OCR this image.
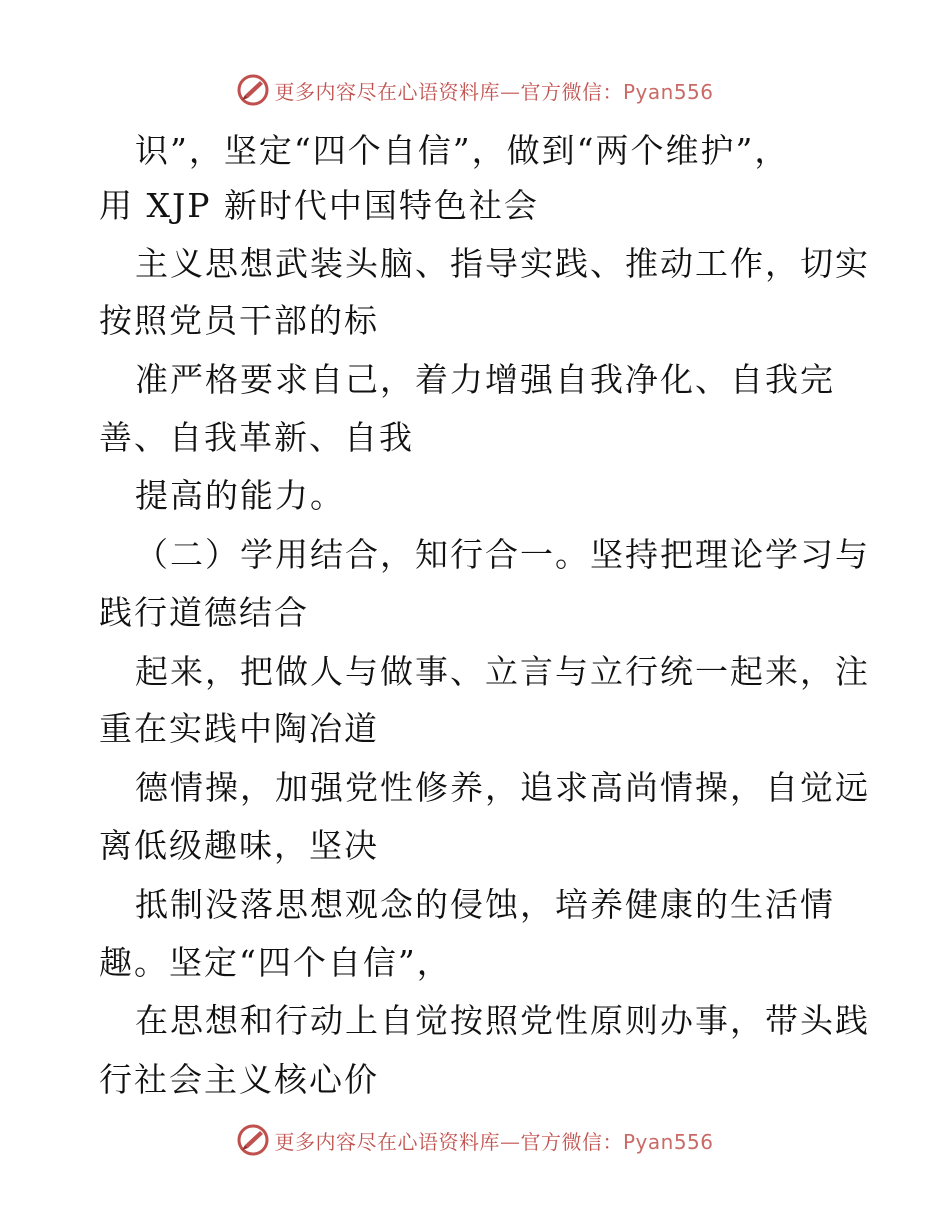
更多内容尽在心语资料库—官方微信：Pyan556
识”，坚定“四个自信”，做到“两个维护”，
用 XJP 新时代中国特色社会
主义思想武装头脑、指导实践、推动工作，切实
按照党员干部的标
准严格要求自己，着力增强自我净化、自我完
善、自我革新、自我
提高的能力。
（二）学用结合，知行合一。坚持把理论学习与
践行道德结合
起来，把做人与做事、立言与立行统一起来，注
重在实践中陶冶道
德情操，加强党性修养，追求高尚情操，自觉远
离低级趣味，坚决
抵制没落思想观念的侵蚀，培养健康的生活情
趣。坚定“四个自信”，
在思想和行动上自觉按照党性原则办事，带头践
行社会主义核心价
更多内容尽在心语资料库—官方微信：Pyan556
